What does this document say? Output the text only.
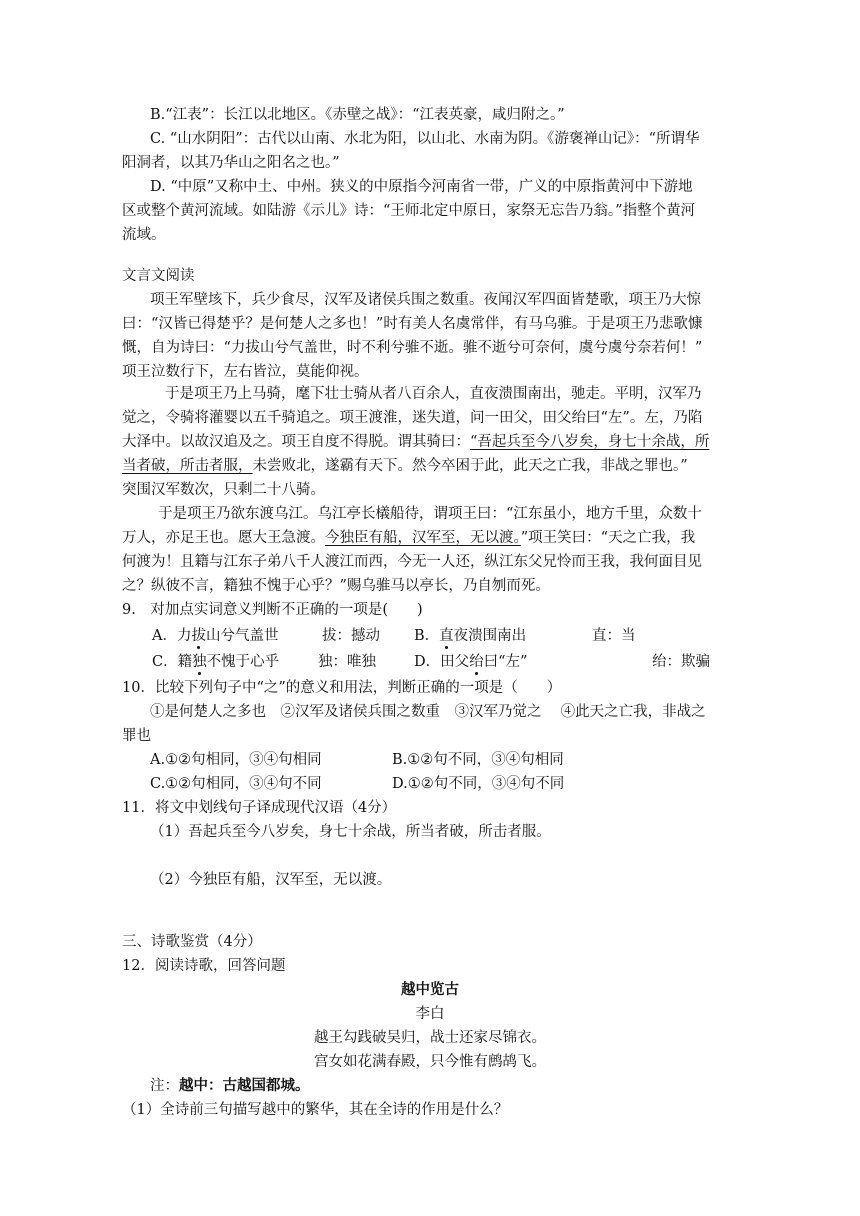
B.“江表”：长江以北地区。《赤壁之战》：“江表英豪，咸归附之。”
C. “山水阴阳”：古代以山南、水北为阳，以山北、水南为阴。《游褒禅山记》：“所谓华
阳洞者，以其乃华山之阳名之也。”
D. “中原”又称中土、中州。狭义的中原指今河南省一带，广义的中原指黄河中下游地
区或整个黄河流域。如陆游《示儿》诗：“王师北定中原日，家祭无忘告乃翁。”指整个黄河
流域。
文言文阅读
项王军壁垓下，兵少食尽，汉军及诸侯兵围之数重。夜闻汉军四面皆楚歌，项王乃大惊
曰：“汉皆已得楚乎？是何楚人之多也！”时有美人名虞常伴，有马乌骓。于是项王乃悲歌慷
慨，自为诗曰：“力拔山兮气盖世，时不利兮骓不逝。骓不逝兮可奈何，虞兮虞兮奈若何！”
项王泣数行下，左右皆泣，莫能仰视。
于是项王乃上马骑，麾下壮士骑从者八百余人，直夜溃围南出，驰走。平明，汉军乃
觉之，令骑将灌婴以五千骑追之。项王渡淮，迷失道，问一田父，田父绐曰“左”。左，乃陷
大泽中。以故汉追及之。项王自度不得脱。谓其骑曰：“吾起兵至今八岁矣，身七十余战，所
当者破，所击者服，未尝败北，遂霸有天下。然今卒困于此，此天之亡我，非战之罪也。”
突围汉军数次，只剩二十八骑。
于是项王乃欲东渡乌江。乌江亭长檥船待，谓项王曰：“江东虽小，地方千里，众数十
万人，亦足王也。愿大王急渡。今独臣有船，汉军至，无以渡。”项王笑曰：“天之亡我，我
何渡为！且籍与江东子弟八千人渡江而西，今无一人还，纵江东父兄怜而王我，我何面目见
之？纵彼不言，籍独不愧于心乎？”赐乌骓马以亭长，乃自刎而死。
9.　对加点实词意义判断不正确的一项是(　　)
A．力拔山兮气盖世	拔：撼动 B．直夜溃围南出	直：当
C．籍独不愧于心乎	独：唯独	D．田父绐曰“左”	绐：欺骗
10．比较下列句子中“之”的意义和用法，判断正确的一项是（　　）
①是何楚人之多也　②汉军及诸侯兵围之数重　③汉军乃觉之　 ④此天之亡我，非战之
罪也
A.①②句相同，③④句相同	B.①②句不同，③④句相同
C.①②句相同，③④句不同	D.①②句不同，③④句不同
11．将文中划线句子译成现代汉语（4分）
（1）吾起兵至今八岁矣，身七十余战，所当者破，所击者服。
（2）今独臣有船，汉军至，无以渡。
三、诗歌鉴赏（4分）
12．阅读诗歌，回答问题
越中览古
李白
越王勾践破吴归，战士还家尽锦衣。
宫女如花满春殿，只今惟有鹧鸪飞。
注：越中：古越国都城。
（1）全诗前三句描写越中的繁华，其在全诗的作用是什么？
